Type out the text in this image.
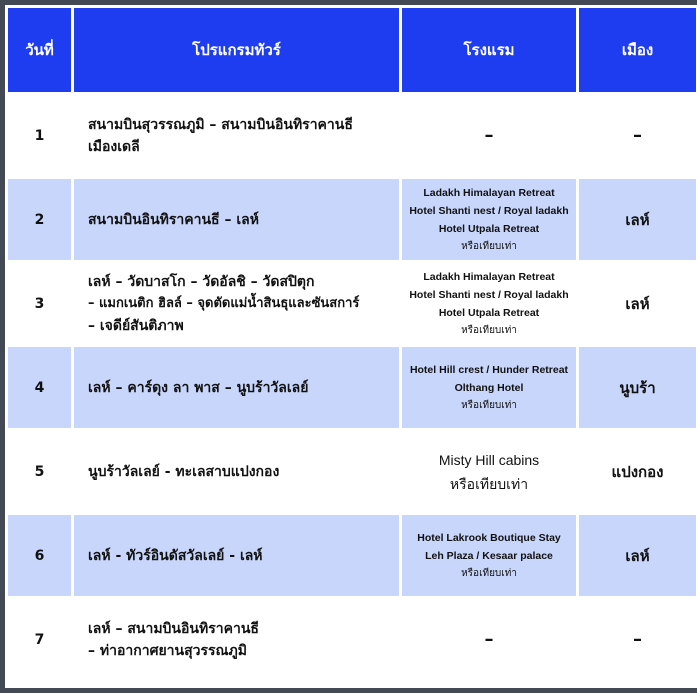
วันที่	โปรแกรมทัวร์	โรงแรม	เมือง	
1	สนามบินสุวรรณภูมิ – สนามบินอินทิราคานธี
เมืองเดลี	–	–	
2	สนามบินอินทิราคานธี – เลห์	Ladakh Himalayan Retreat
Hotel Shanti nest / Royal ladakh
Hotel Utpala Retreat
หรือเทียบเท่า	เลห์	
3	เลห์ – วัดบาสโก – วัดอัลชิ – วัดสปิตุก
– แมกเนติก ฮิลล์ – จุดตัดแม่น้ำสินธุและซันสการ์
– เจดีย์สันติภาพ	Ladakh Himalayan Retreat
Hotel Shanti nest / Royal ladakh
Hotel Utpala Retreat
หรือเทียบเท่า	เลห์	
4	เลห์ – คาร์ดุง ลา พาส – นูบร้าวัลเลย์	Hotel Hill crest / Hunder Retreat
Olthang Hotel
หรือเทียบเท่า	นูบร้า	
5	นูบร้าวัลเลย์ - ทะเลสาบแปงกอง	Misty Hill cabins
หรือเทียบเท่า	แปงกอง	
6	เลห์ - ทัวร์อินดัสวัลเลย์ - เลห์	Hotel Lakrook Boutique Stay
Leh Plaza / Kesaar palace
หรือเทียบเท่า	เลห์	
7	เลห์ – สนามบินอินทิราคานธี
– ท่าอากาศยานสุวรรณภูมิ	–	–	
